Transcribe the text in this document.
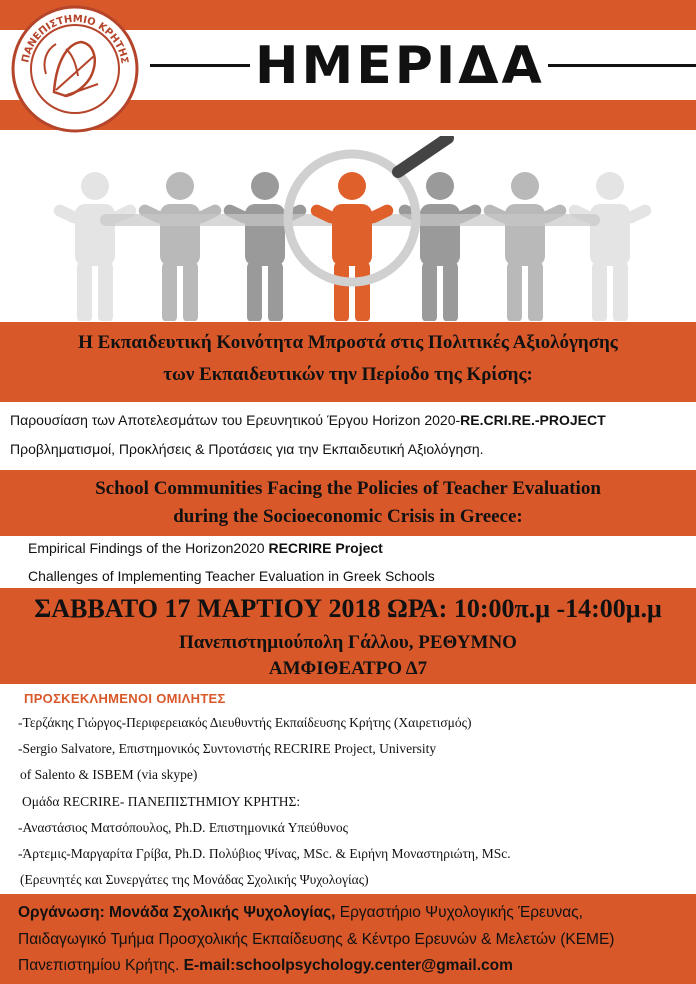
ΗΜΕΡΙΔΑ
ΠΑΝΕΠΙΣΤΗΜΙΟ ΚΡΗΤΗΣ
Η Εκπαιδευτική Κοινότητα Μπροστά στις Πολιτικές Αξιολόγησης
των Εκπαιδευτικών την Περίοδο της Κρίσης:
Παρουσίαση των Αποτελεσμάτων του Ερευνητικού Έργου Horizon 2020-RE.CRI.RE.-PROJECT
Προβληματισμοί, Προκλήσεις & Προτάσεις για την Εκπαιδευτική Αξιολόγηση.
School Communities Facing the Policies of Teacher Evaluation
during the Socioeconomic Crisis in Greece:
Empirical Findings of the Horizon2020 RECRIRE Project
Challenges of Implementing Teacher Evaluation in Greek Schools
ΣΑΒΒΑΤΟ 17 ΜΑΡΤΙΟΥ 2018 ΩΡΑ: 10:00π.μ -14:00μ.μ
Πανεπιστημιούπολη Γάλλου, ΡΕΘΥΜΝΟ
ΑΜΦΙΘΕΑΤΡΟ Δ7
ΠΡΟΣΚΕΚΛΗΜΕΝΟΙ ΟΜΙΛΗΤΕΣ
-Τερζάκης Γιώργος-Περιφερειακός Διευθυντής Εκπαίδευσης Κρήτης (Χαιρετισμός)
-Sergio Salvatore, Επιστημονικός Συντονιστής RECRIRE Project, University
of Salento & ISBEM (via skype)
Ομάδα RECRIRE- ΠΑΝΕΠΙΣΤΗΜΙΟΥ ΚΡΗΤΗΣ:
-Αναστάσιος Ματσόπουλος, Ph.D. Επιστημονικά Υπεύθυνος
-Άρτεμις-Μαργαρίτα Γρίβα, Ph.D. Πολύβιος Ψίνας, MSc. & Ειρήνη Μοναστηριώτη, MSc.
(Ερευνητές και Συνεργάτες της Μονάδας Σχολικής Ψυχολογίας)
Οργάνωση: Μονάδα Σχολικής Ψυχολογίας, Εργαστήριο Ψυχολογικής Έρευνας,
Παιδαγωγικό Τμήμα Προσχολικής Εκπαίδευσης & Κέντρο Ερευνών & Μελετών (ΚΕΜΕ)
Πανεπιστημίου Κρήτης. E-mail:schoolpsychology.center@gmail.com
